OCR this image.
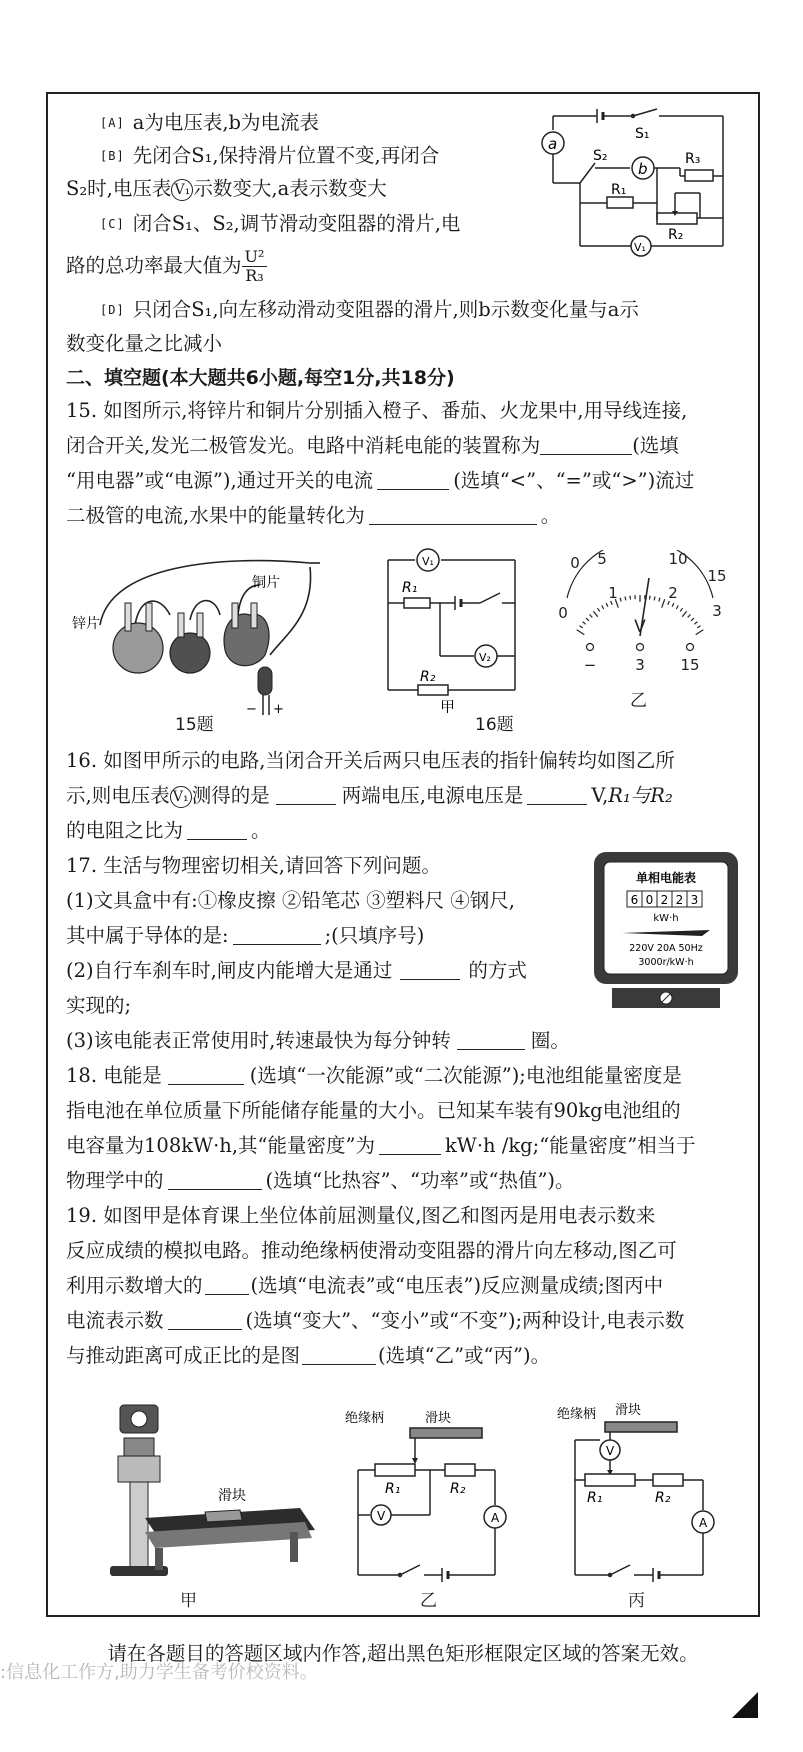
[A] a为电压表,b为电流表
[B] 先闭合S₁,保持滑片位置不变,再闭合
S₂时,电压表 V₁ 示数变大,a表示数变大
[C] 闭合S₁、S₂,调节滑动变阻器的滑片,电
路的总功率最大值为 $\frac{\text{U²}}{\text{R₃}}$
[D] 只闭合S₁,向左移动滑动变阻器的滑片,则b示数变化量与a示
数变化量之比减小
a
b
S₁
S₂	R₃
R₁
R₂
V₁
二、填空题(本大题共6小题,每空1分,共18分)
15. 如图所示,将锌片和铜片分别插入橙子、番茄、火龙果中,用导线连接,
闭合开关,发光二极管发光。电路中消耗电能的装置称为	(选填
“用电器”或“电源”),通过开关的电流	(选填“<”、“=”或“>”)流过
二极管的电流,水果中的能量转化为	。
− +
锌片
铜片
15题
V₁
V₂
R₁
R₂
甲
0 5	10
15
0
1	2
3
V
−	3 15
乙
16题
16. 如图甲所示的电路,当闭合开关后两只电压表的指针偏转均如图乙所
示,则电压表 V₁ 测得的是	两端电压,电源电压是	V,R₁与R₂
的电阻之比为	。
17. 生活与物理密切相关,请回答下列问题。
(1)文具盒中有:①橡皮擦 ②铅笔芯 ③塑料尺 ④钢尺,
其中属于导体的是:	;(只填序号)
(2)自行车刹车时,闸皮内能增大是通过	的方式
实现的;
(3)该电能表正常使用时,转速最快为每分钟转	圈。
单相电能表
6 0 2 2 3
kW·h
220V 20A 50Hz
3000r/kW·h
18. 电能是	(选填“一次能源”或“二次能源”);电池组能量密度是
指电池在单位质量下所能储存能量的大小。已知某车装有90kg电池组的
电容量为108kW·h,其“能量密度”为	kW·h /kg;“能量密度”相当于
物理学中的	(选填“比热容”、“功率”或“热值”)。
19. 如图甲是体育课上坐位体前屈测量仪,图乙和图丙是用电表示数来
反应成绩的模拟电路。推动绝缘柄使滑动变阻器的滑片向左移动,图乙可
利用示数增大的 (选填“电流表”或“电压表”)反应测量成绩;图丙中
电流表示数	(选填“变大”、“变小”或“不变”);两种设计,电表示数
与推动距离可成正比的是图	(选填“乙”或“丙”)。
滑块
甲
滑块
绝缘柄
R₁	R₂
V	A
乙
滑块
绝缘柄
R₁	R₂
V
A
丙
请在各题目的答题区域内作答,超出黑色矩形框限定区域的答案无效。
:信息化工作方,助力学生备考价校资料。
